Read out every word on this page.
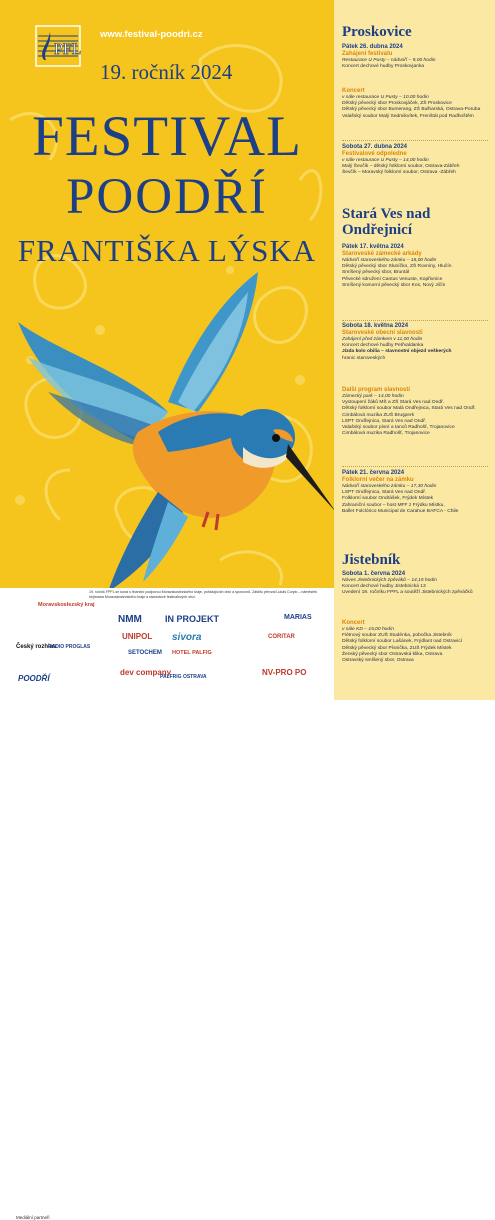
PFL
www.festival-poodri.cz
19. ročník 2024
FESTIVAL
POODŘÍ
FRANTIŠKA LÝSKA
Moravskoslezský kraj
Český rozhlas
RADIO PROGLAS
POODŘÍ
NMM	IN PROJEKT
sivora
UNIPOL
SETOCHEM HOTEL PALFIG
dev company
PALFRIG OSTRAVA
MARIAS
CORITAR
NV-PRO PO
Mediální partneři
19. ročník FPFL se koná s finanční podporou Moravskoslezského kraje, pořádajících obcí a sponzorů. Záštitu převzal Lukáš Curylo – náměstek hejtmana Moravskoslezského kraje a starostové festivalových obcí.
Proskovice
Pátek 26. dubna 2024
Zahájení festivalu
Restaurace U Pusty – nádvoří – 9,00 hodin
Koncert dechové hudby Proskovjanka
Koncert
v sále restaurace U Pusty – 10,00 hodin
Dětský pěvecký sbor Proskovjáček, ZŠ Proskovice
Dětský pěvecký sbor Bumerang, ZŠ Bulharská, Ostrava-Poruba
Valašský soubor Malý Sedmikvítek, Frenštát pod Radhoštěm
Sobota 27. dubna 2024
Festivalové odpoledne
v sále restaurace U Pusty – 14,00 hodin
Malý Ševčík – dětský folklorní soubor, Ostrava-Zábřeh
Ševčík – Moravský folklorní soubor, Ostrava -Zábřeh
Stará Ves nad Ondřejnicí
Pátek 17. května 2024
Staroveské zámecké arkády
Nádvoří staroveského zámku – 18,00 hodin
Dětský pěvecký sbor Sluníčko, ZŠ Rovniny, Hlučín
Smíšený pěvecký sbor, Bruntál
Pěvecké sdružení Cantus Venuste, Kopřivnice
Smíšený komorní pěvecký sbor Kos, Nový Jičín
Sobota 18. května 2024
Staroveské obecní slavnosti
Zahájení před zámkem v 11,00 hodin
Koncert dechové hudby Petřvaldanka
Jízda kolo obilia – slavnostní objezd veškerých
hranic staroveských
Další program slavností
Zámecký park – 14,00 hodin
Vystoupení žáků MŠ a ZŠ Stará Ves nad Ondř.
Dětský folklorní soubor Malá Ondřejnica, Stará Ves nad Ondř.
Cimbálová muzika ZUŠ Bruşperk
LSPT Ondřejnica, Stará Ves nad Ondř.
Valašský soubor písní a tanců Radhošť, Trojanovice
Cimbálová muzika Radhošť, Trojanovice
Pátek 21. června 2024
Folklorní večer na zámku
Nádvoří staroveského zámku – 17,30 hodin
LSPT Ondřejnica, Stará Ves nad Ondř.
Folklorní soubor Ondrášek, Frýdek Místek
Zahraniční soubor – host MFF z Frýdku Místku,
Ballet Folclórico Municipal de Carahue BAFCA - Chile
Jistebník
Sobota 1. června 2024
Nóves Jistebnických zpěváků – 14,15 hodin
Koncert dechové hudby Jistebnická 13
Uvedení 19. ročníku FPFL a soutěží Jistebnických zpěváčků
Koncert
v sále KD – 15,00 hodin
Fiétnový soubor ZUŠ Studénka, pobočka Jistebník
Dětský folklorní soubor Lašánek, Frýdlant nad Ostravicí
Dětský pěvecký sbor Písnička, ZUŠ Frýdek Místek
Ženský pěvecký sbor Ostravská klika, Ostrava
Ostravský smíšený sbor, Ostrava
